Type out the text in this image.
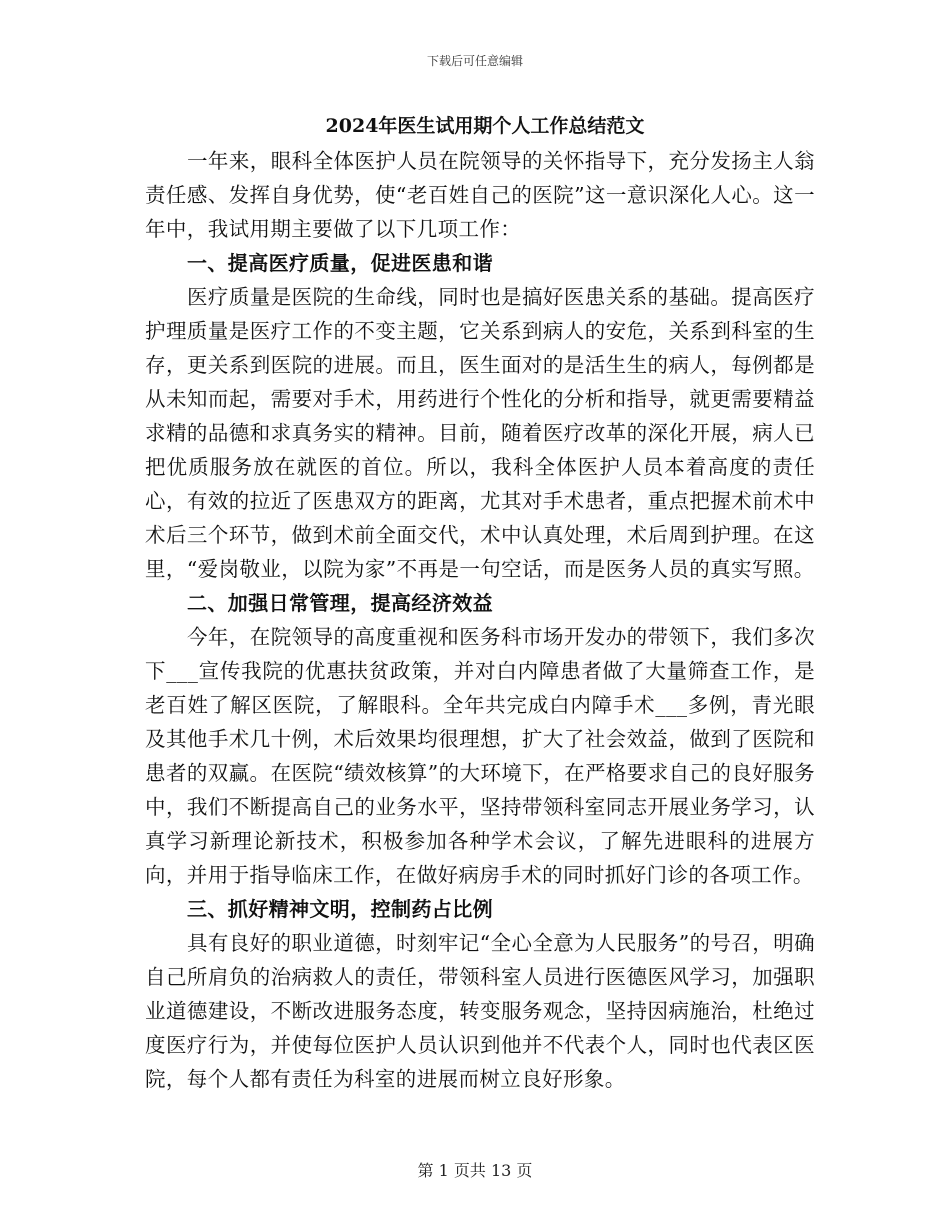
下载后可任意编辑
2024年医生试用期个人工作总结范文

一年来，眼科全体医护人员在院领导的关怀指导下，充分发扬主人翁责任感、发挥自身优势，使“老百姓自己的医院”这一意识深化人心。这一年中，我试用期主要做了以下几项工作：

一、提高医疗质量，促进医患和谐

医疗质量是医院的生命线，同时也是搞好医患关系的基础。提高医疗护理质量是医疗工作的不变主题，它关系到病人的安危，关系到科室的生存，更关系到医院的进展。而且，医生面对的是活生生的病人，每例都是从未知而起，需要对手术，用药进行个性化的分析和指导，就更需要精益求精的品德和求真务实的精神。目前，随着医疗改革的深化开展，病人已把优质服务放在就医的首位。所以，我科全体医护人员本着高度的责任心，有效的拉近了医患双方的距离，尤其对手术患者，重点把握术前术中术后三个环节，做到术前全面交代，术中认真处理，术后周到护理。在这里，“爱岗敬业，以院为家”不再是一句空话，而是医务人员的真实写照。

二、加强日常管理，提高经济效益

今年，在院领导的高度重视和医务科市场开发办的带领下，我们多次下___宣传我院的优惠扶贫政策，并对白内障患者做了大量筛查工作，是老百姓了解区医院，了解眼科。全年共完成白内障手术___多例，青光眼及其他手术几十例，术后效果均很理想，扩大了社会效益，做到了医院和患者的双赢。在医院“绩效核算”的大环境下，在严格要求自己的良好服务中，我们不断提高自己的业务水平，坚持带领科室同志开展业务学习，认真学习新理论新技术，积极参加各种学术会议，了解先进眼科的进展方向，并用于指导临床工作，在做好病房手术的同时抓好门诊的各项工作。

三、抓好精神文明，控制药占比例

具有良好的职业道德，时刻牢记“全心全意为人民服务”的号召，明确自己所肩负的治病救人的责任，带领科室人员进行医德医风学习，加强职业道德建设，不断改进服务态度，转变服务观念，坚持因病施治，杜绝过度医疗行为，并使每位医护人员认识到他并不代表个人，同时也代表区医院，每个人都有责任为科室的进展而树立良好形象。

第 1 页共 13 页
